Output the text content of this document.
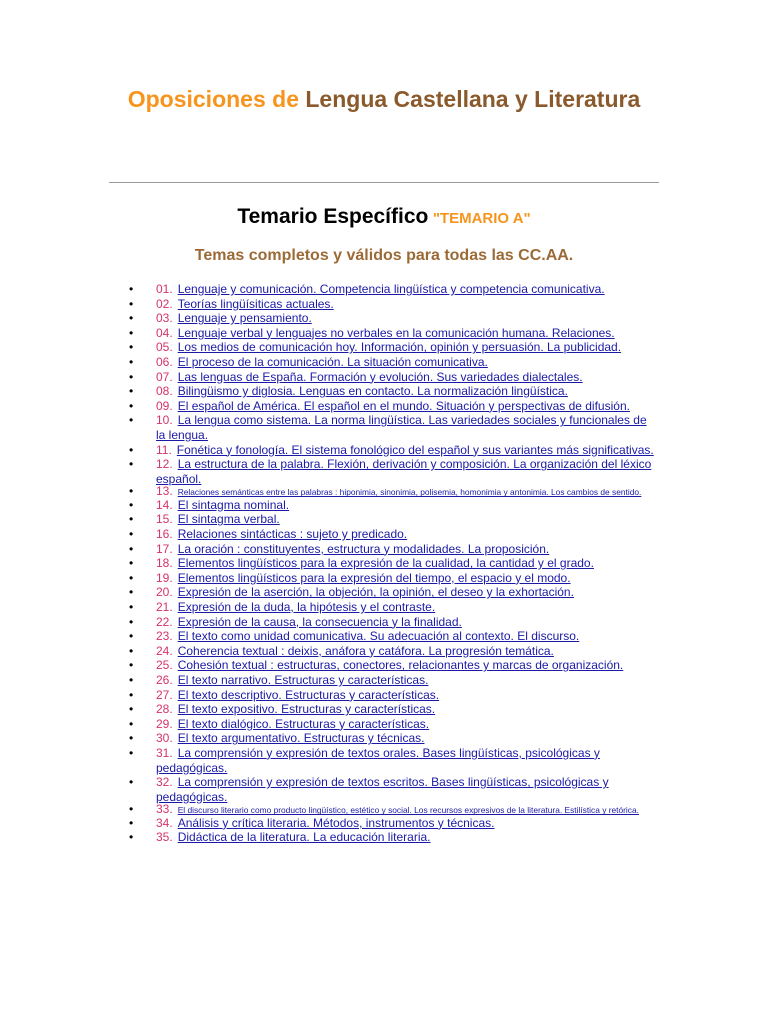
Oposiciones de Lengua Castellana y Literatura
Temario Específico "TEMARIO A"
Temas completos y válidos para todas las CC.AA.
• 01. Lenguaje y comunicación. Competencia lingüística y competencia comunicativa.
• 02. Teorías lingüísiticas actuales.
• 03. Lenguaje y pensamiento.
• 04. Lenguaje verbal y lenguajes no verbales en la comunicación humana. Relaciones.
• 05. Los medios de comunicación hoy. Información, opinión y persuasión. La publicidad.
• 06. El proceso de la comunicación. La situación comunicativa.
• 07. Las lenguas de España. Formación y evolución. Sus variedades dialectales.
• 08. Bilingüismo y diglosia. Lenguas en contacto. La normalización lingüística.
• 09. El español de América. El español en el mundo. Situación y perspectivas de difusión.
• 10. La lengua como sistema. La norma lingüística. Las variedades sociales y funcionales de la lengua.
• 11. Fonética y fonología. El sistema fonológico del español y sus variantes más significativas.
• 12. La estructura de la palabra. Flexión, derivación y composición. La organización del léxico español.
• 13. Relaciones semánticas entre las palabras : hiponimia, sinonimia, polisemia, homonimia y antonimia. Los cambios de sentido.
• 14. El sintagma nominal.
• 15. El sintagma verbal.
• 16. Relaciones sintácticas : sujeto y predicado.
• 17. La oración : constituyentes, estructura y modalidades. La proposición.
• 18. Elementos lingüísticos para la expresión de la cualidad, la cantidad y el grado.
• 19. Elementos lingüísticos para la expresión del tiempo, el espacio y el modo.
• 20. Expresión de la aserción, la objeción, la opinión, el deseo y la exhortación.
• 21. Expresión de la duda, la hipótesis y el contraste.
• 22. Expresión de la causa, la consecuencia y la finalidad.
• 23. El texto como unidad comunicativa. Su adecuación al contexto. El discurso.
• 24. Coherencia textual : deixis, anáfora y catáfora. La progresión temática.
• 25. Cohesión textual : estructuras, conectores, relacionantes y marcas de organización.
• 26. El texto narrativo. Estructuras y características.
• 27. El texto descriptivo. Estructuras y características.
• 28. El texto expositivo. Estructuras y características.
• 29. El texto dialógico. Estructuras y características.
• 30. El texto argumentativo. Estructuras y técnicas.
• 31. La comprensión y expresión de textos orales. Bases lingüísticas, psicológicas y pedagógicas.
• 32. La comprensión y expresión de textos escritos. Bases lingüísticas, psicológicas y pedagógicas.
• 33. El discurso literario como producto lingüístico, estético y social. Los recursos expresivos de la literatura. Estilística y retórica.
• 34. Análisis y crítica literaria. Métodos, instrumentos y técnicas.
• 35. Didáctica de la literatura. La educación literaria.
